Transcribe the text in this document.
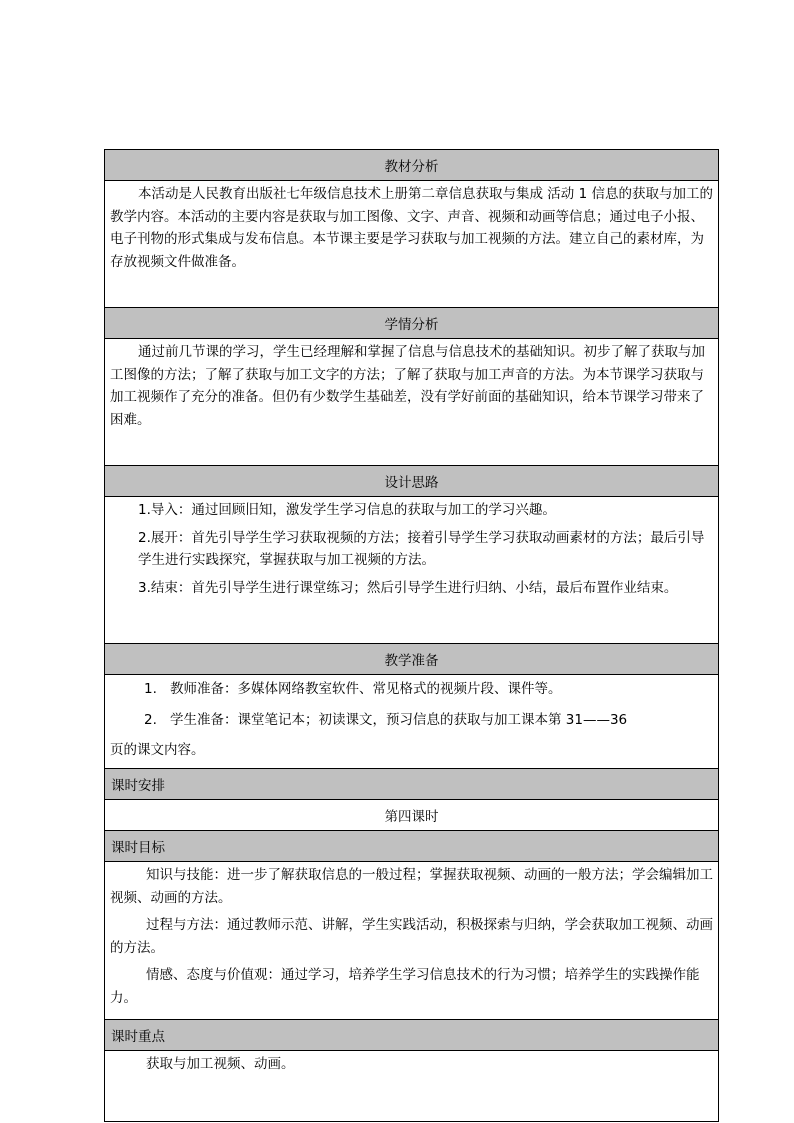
教材分析

本活动是人民教育出版社七年级信息技术上册第二章信息获取与集成 活动 1 信息的获取与加工的教学内容。本活动的主要内容是获取与加工图像、文字、声音、视频和动画等信息；通过电子小报、电子刊物的形式集成与发布信息。本节课主要是学习获取与加工视频的方法。建立自己的素材库，为存放视频文件做准备。

学情分析

通过前几节课的学习，学生已经理解和掌握了信息与信息技术的基础知识。初步了解了获取与加工图像的方法；了解了获取与加工文字的方法；了解了获取与加工声音的方法。为本节课学习获取与加工视频作了充分的准备。但仍有少数学生基础差，没有学好前面的基础知识，给本节课学习带来了困难。

设计思路

1.导入：通过回顾旧知，激发学生学习信息的获取与加工的学习兴趣。

2.展开：首先引导学生学习获取视频的方法；接着引导学生学习获取动画素材的方法；最后引导学生进行实践探究，掌握获取与加工视频的方法。

3.结束：首先引导学生进行课堂练习；然后引导学生进行归纳、小结，最后布置作业结束。

教学准备

1. 教师准备：多媒体网络教室软件、常见格式的视频片段、课件等。

2. 学生准备：课堂笔记本；初读课文，预习信息的获取与加工课本第 31——36

页的课文内容。

课时安排
第四课时
课时目标

知识与技能：进一步了解获取信息的一般过程；掌握获取视频、动画的一般方法；学会编辑加工视频、动画的方法。

过程与方法：通过教师示范、讲解，学生实践活动，积极探索与归纳，学会获取加工视频、动画的方法。

情感、态度与价值观：通过学习，培养学生学习信息技术的行为习惯；培养学生的实践操作能力。

课时重点

获取与加工视频、动画。
